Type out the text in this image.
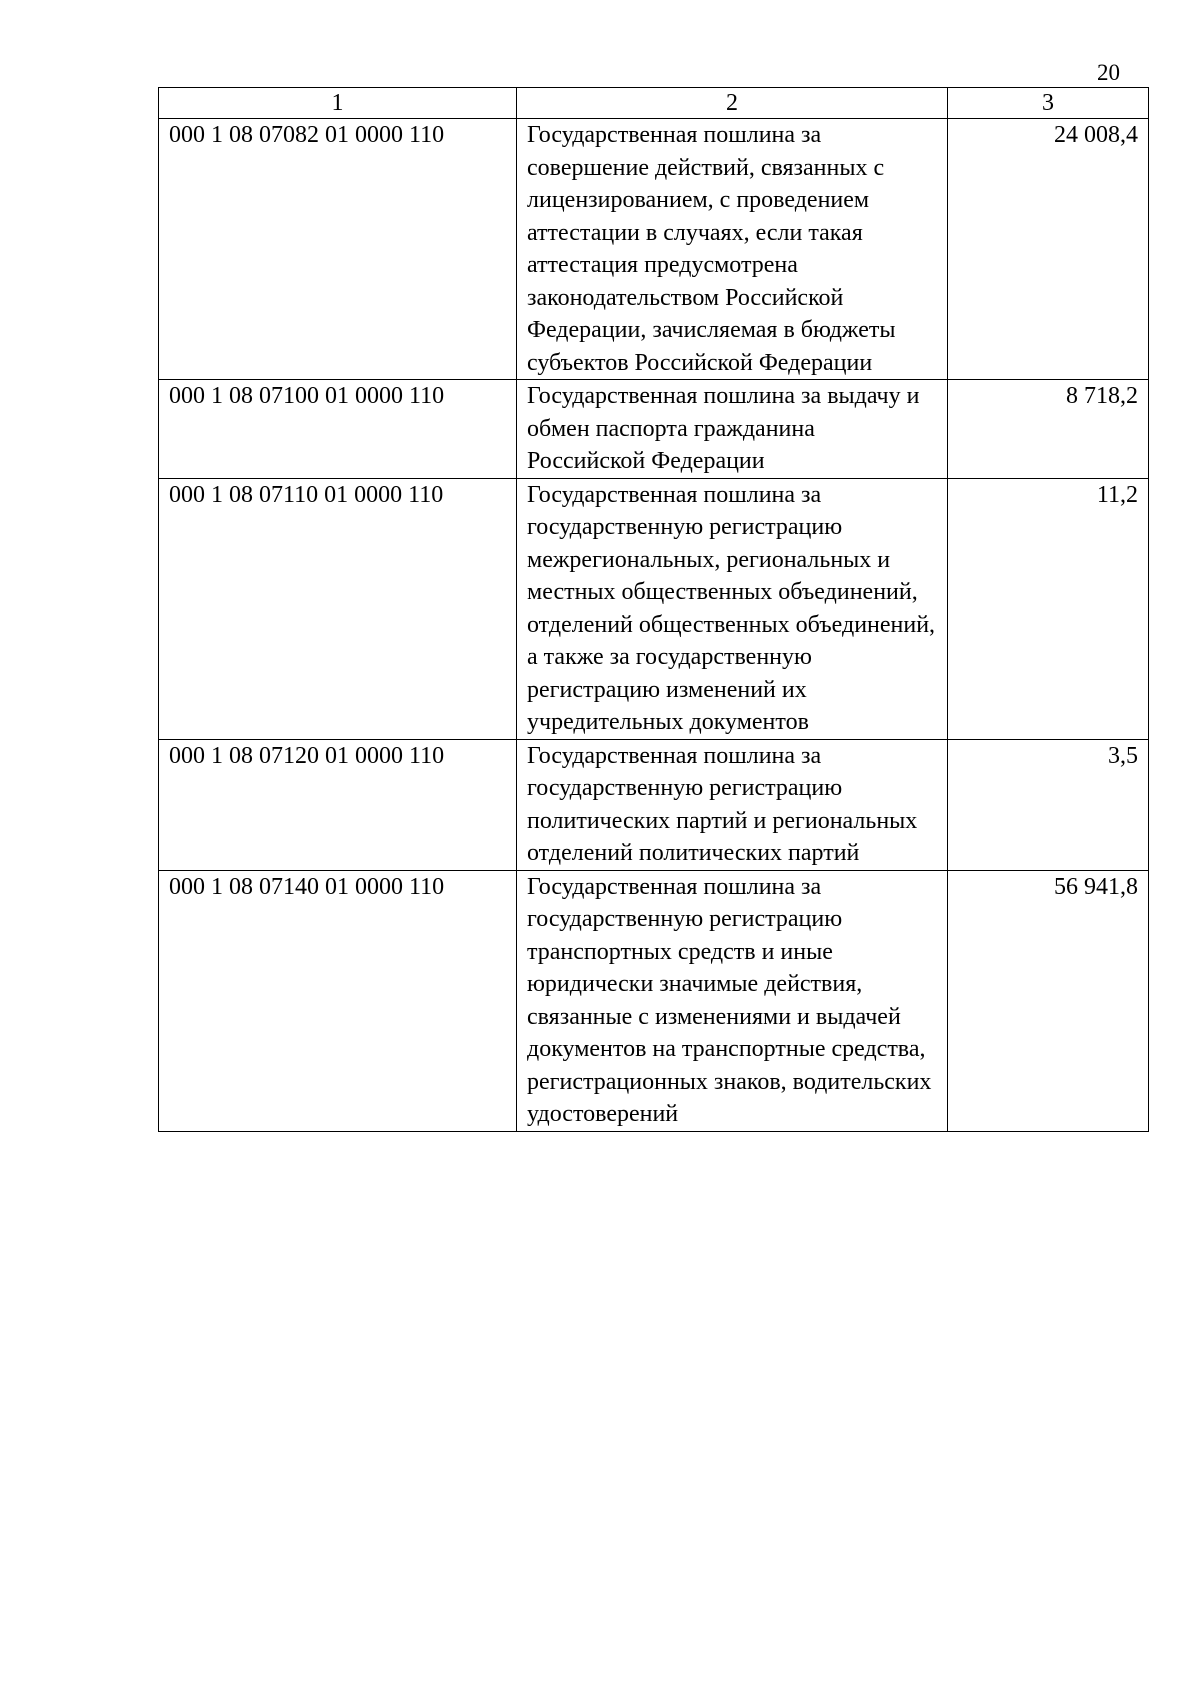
20
1	2	3
000 1 08 07082 01 0000 110	Государственная пошлина за совершение действий, связанных с лицензированием, с проведением аттестации в случаях, если такая аттестация предусмотрена законодательством Российской Федерации, зачисляемая в бюджеты субъектов Российской Федерации	24 008,4
000 1 08 07100 01 0000 110	Государственная пошлина за выдачу и обмен паспорта гражданина Российской Федерации	8 718,2
000 1 08 07110 01 0000 110	Государственная пошлина за государственную регистрацию межрегиональных, региональных и местных общественных объединений, отделений общественных объединений, а также за государственную регистрацию изменений их учредительных документов	11,2
000 1 08 07120 01 0000 110	Государственная пошлина за государственную регистрацию политических партий и региональных отделений политических партий	3,5
000 1 08 07140 01 0000 110	Государственная пошлина за государственную регистрацию транспортных средств и иные юридически значимые действия, связанные с изменениями и выдачей документов на транспортные средства, регистрационных знаков, водительских удостоверений	56 941,8
